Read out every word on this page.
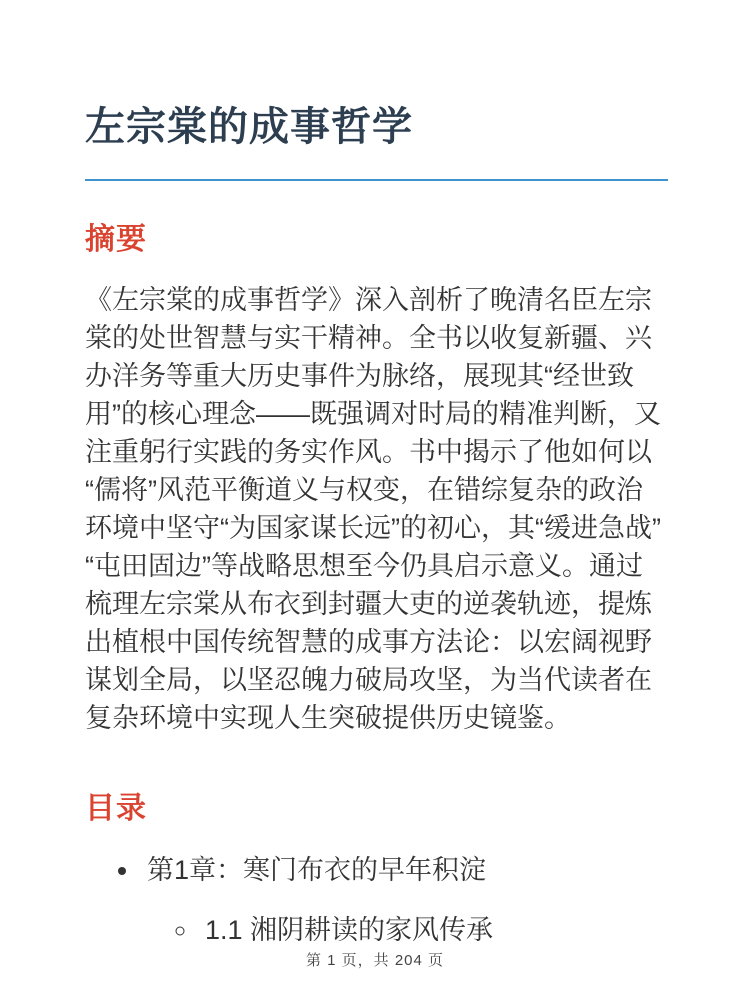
左宗棠的成事哲学
摘要

《左宗棠的成事哲学》深入剖析了晚清名臣左宗棠的处世智慧与实干精神。全书以收复新疆、兴办洋务等重大历史事件为脉络，展现其“经世致用”的核心理念——既强调对时局的精准判断，又注重躬行实践的务实作风。书中揭示了他如何以“儒将”风范平衡道义与权变，在错综复杂的政治环境中坚守“为国家谋长远”的初心，其“缓进急战” “屯田固边”等战略思想至今仍具启示意义。通过梳理左宗棠从布衣到封疆大吏的逆袭轨迹，提炼出植根中国传统智慧的成事方法论：以宏阔视野谋划全局，以坚忍魄力破局攻坚，为当代读者在复杂环境中实现人生突破提供历史镜鉴。

目录
• 第1章：寒门布衣的早年积淀
◦ 1.1 湘阴耕读的家风传承
第 1 页，共 204 页
